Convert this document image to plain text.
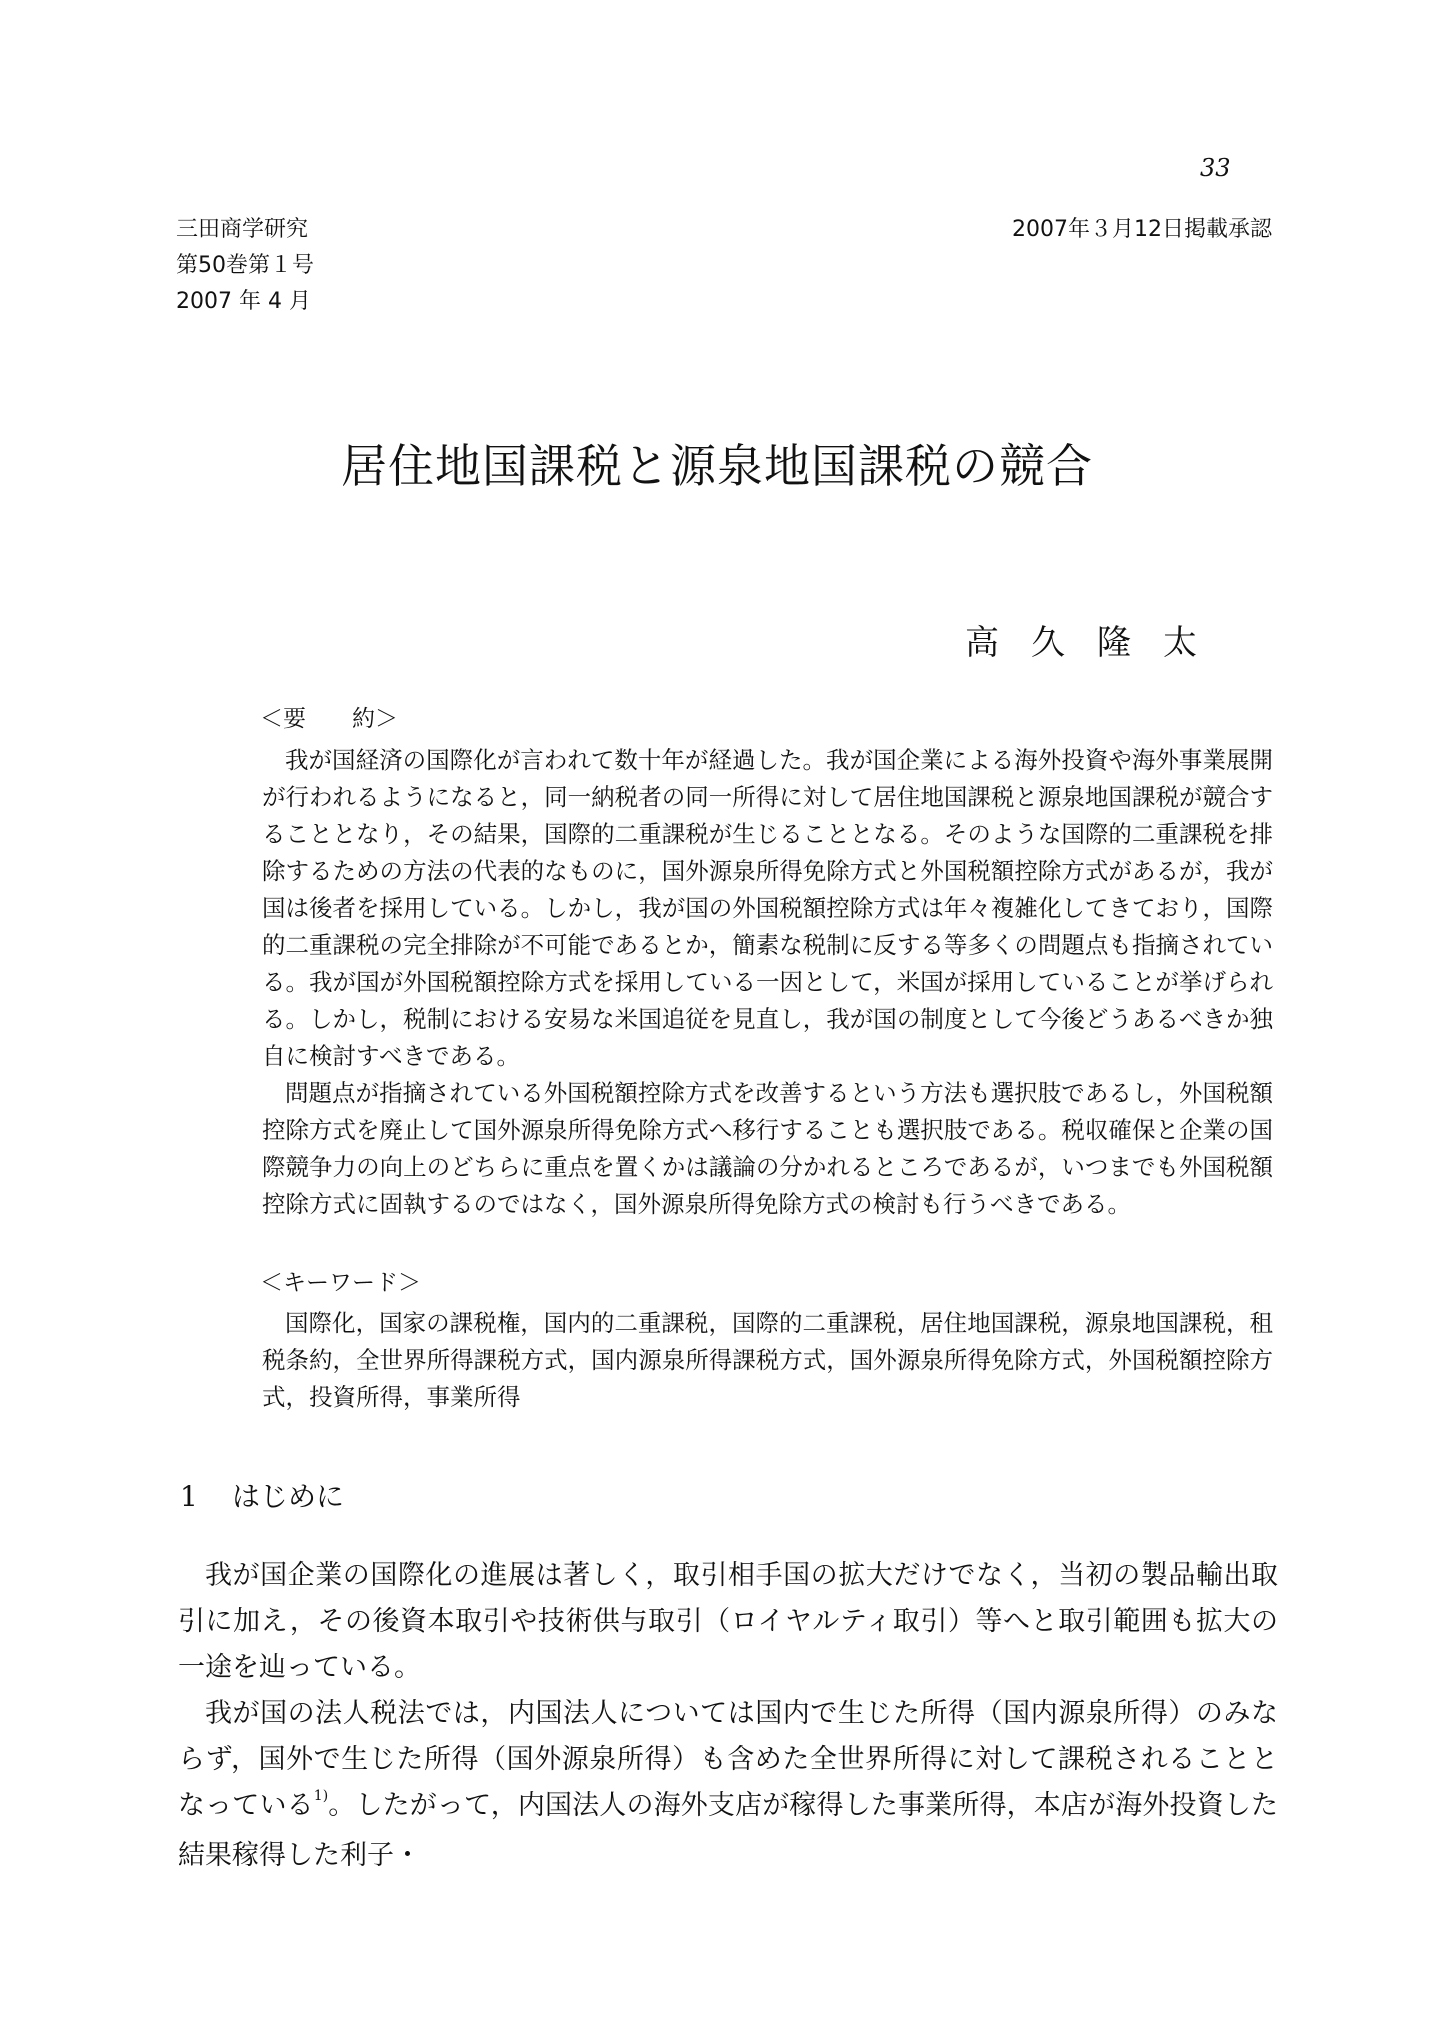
33
三田商学研究
第50巻第１号
2007 年 4 月
2007年３月12日掲載承認
居住地国課税と源泉地国課税の競合
高久隆太
＜要　　約＞

我が国経済の国際化が言われて数十年が経過した。我が国企業による海外投資や海外事業展開が行われるようになると，同一納税者の同一所得に対して居住地国課税と源泉地国課税が競合することとなり，その結果，国際的二重課税が生じることとなる。そのような国際的二重課税を排除するための方法の代表的なものに，国外源泉所得免除方式と外国税額控除方式があるが，我が国は後者を採用している。しかし，我が国の外国税額控除方式は年々複雑化してきており，国際的二重課税の完全排除が不可能であるとか，簡素な税制に反する等多くの問題点も指摘されている。我が国が外国税額控除方式を採用している一因として，米国が採用していることが挙げられる。しかし，税制における安易な米国追従を見直し，我が国の制度として今後どうあるべきか独自に検討すべきである。

問題点が指摘されている外国税額控除方式を改善するという方法も選択肢であるし，外国税額控除方式を廃止して国外源泉所得免除方式へ移行することも選択肢である。税収確保と企業の国際競争力の向上のどちらに重点を置くかは議論の分かれるところであるが，いつまでも外国税額控除方式に固執するのではなく，国外源泉所得免除方式の検討も行うべきである。

＜キーワード＞
国際化，国家の課税権，国内的二重課税，国際的二重課税，居住地国課税，源泉地国課税，租税条約，全世界所得課税方式，国内源泉所得課税方式，国外源泉所得免除方式，外国税額控除方式，投資所得，事業所得
1 はじめに

我が国企業の国際化の進展は著しく，取引相手国の拡大だけでなく，当初の製品輸出取引に加え，その後資本取引や技術供与取引（ロイヤルティ取引）等へと取引範囲も拡大の一途を辿っている。

我が国の法人税法では，内国法人については国内で生じた所得（国内源泉所得）のみならず，国外で生じた所得（国外源泉所得）も含めた全世界所得に対して課税されることとなっている$^{1)}$。したがって，内国法人の海外支店が稼得した事業所得，本店が海外投資した結果稼得した利子・
